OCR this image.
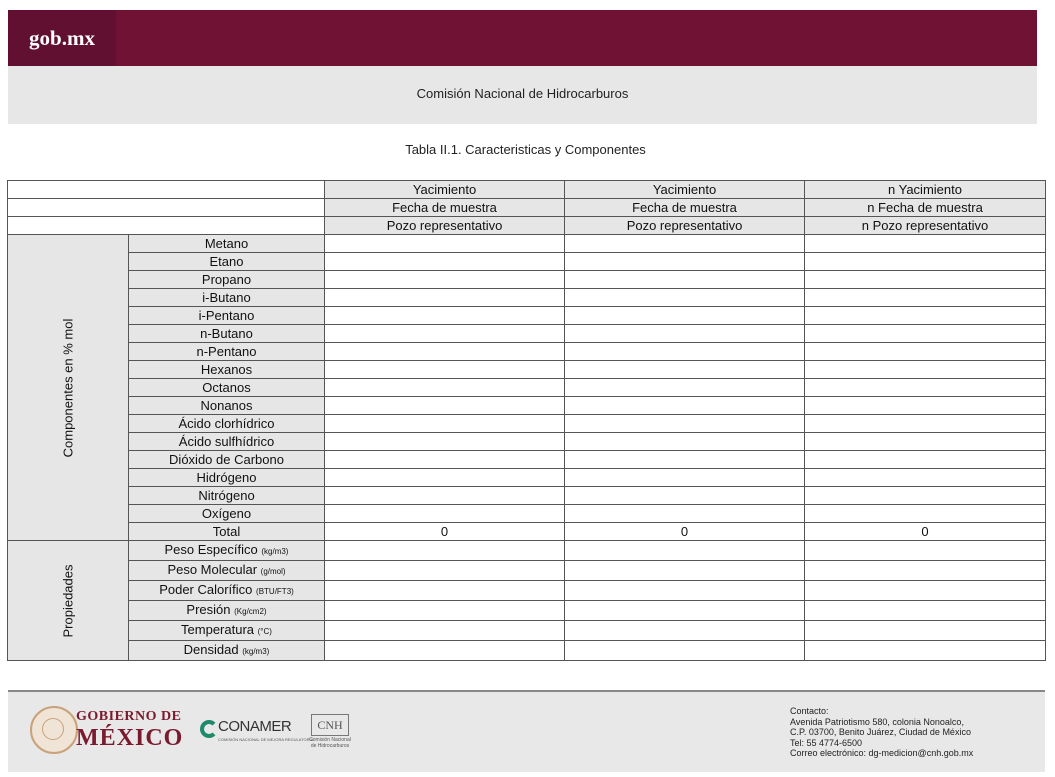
gob.mx
Comisión Nacional de Hidrocarburos
Tabla II.1. Caracteristicas y Componentes
		Yacimiento	Yacimiento	n Yacimiento
		Fecha de muestra	Fecha de muestra	n Fecha de muestra
		Pozo representativo	Pozo representativo	n Pozo representativo

Componentes en % mol	Metano			
	Etano			
	Propano			
	i-Butano			
	i-Pentano			
	n-Butano			
	n-Pentano			
	Hexanos			
	Octanos			
	Nonanos			
	Ácido clorhídrico			
	Ácido sulfhídrico			
	Dióxido de Carbono			
	Hidrógeno			
	Nitrógeno			
	Oxígeno			
	Total	0	0	0

Propiedades	Peso Específico (kg/m3)			
	Peso Molecular (g/mol)			
	Poder Calorífico (BTU/FT3)			
	Presión (Kg/cm2)			
	Temperatura (°C)			
	Densidad (kg/m3)			
GOBIERNO DE
MÉXICO CONAMER
COMISIÓN NACIONAL DE MEJORA REGULATORIA
CNH
Comisión Nacional de Hidrocarburos
Contacto:
Avenida Patriotismo 580, colonia Nonoalco,
C.P. 03700, Benito Juárez, Ciudad de México
Tel: 55 4774-6500
Correo electrónico: dg-medicion@cnh.gob.mx
